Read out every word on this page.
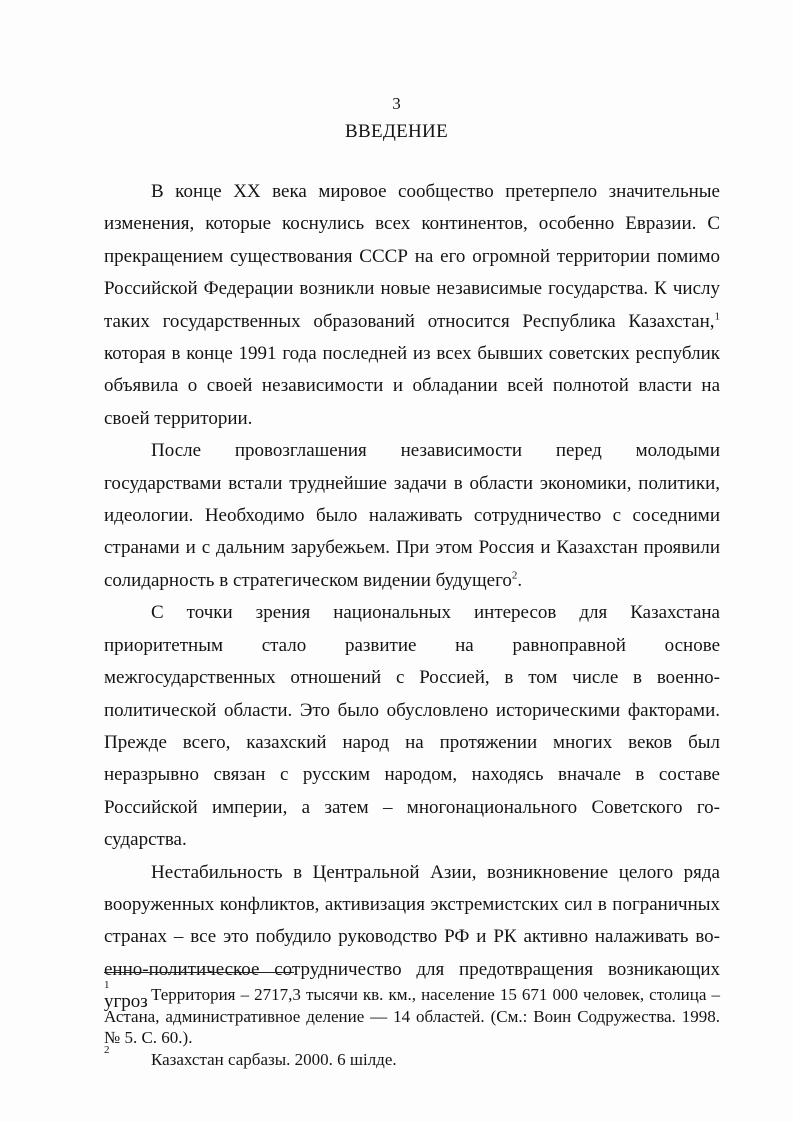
3
ВВЕДЕНИЕ

В конце XX века мировое сообщество претерпело значительные изменения, которые коснулись всех континентов, особенно Евразии. С прекращением существования СССР на его огромной территории помимо Российской Федерации возникли новые независимые государства. К числу таких государственных образований относится Республика Казахстан,$^1$ которая в конце 1991 года последней из всех бывших советских республик объявила о своей независимости и обладании всей полнотой власти на своей территории.

После провозглашения независимости перед молодыми государствами встали труднейшие задачи в области экономики, политики, идеологии. Необходимо было налаживать сотрудничество с соседними странами и с дальним зарубежьем. При этом Россия и Казахстан проявили солидарность в стратегическом видении будущего$^2$.

С точки зрения национальных интересов для Казахстана приоритетным стало развитие на равноправной основе межгосударственных отношений с Россией, в том числе в военно-политической области. Это было обусловлено историческими факторами. Прежде всего, казахский народ на протяжении многих веков был неразрывно связан с русским народом, находясь вначале в составе Российской империи, а затем – многонационального Советского государства.

Нестабильность в Центральной Азии, возникновение целого ряда вооруженных конфликтов, активизация экстремистских сил в пограничных странах – все это побудило руководство РФ и РК активно налаживать военно-политическое сотрудничество для предотвращения возникающих угроз

1 Территория – 2717,3 тысячи кв. км., население 15 671 000 человек, столица – Астана, административное деление — 14 областей. (См.: Воин Содружества. 1998. № 5. С. 60.).

2 Казахстан сарбазы. 2000. 6 шiлде.
